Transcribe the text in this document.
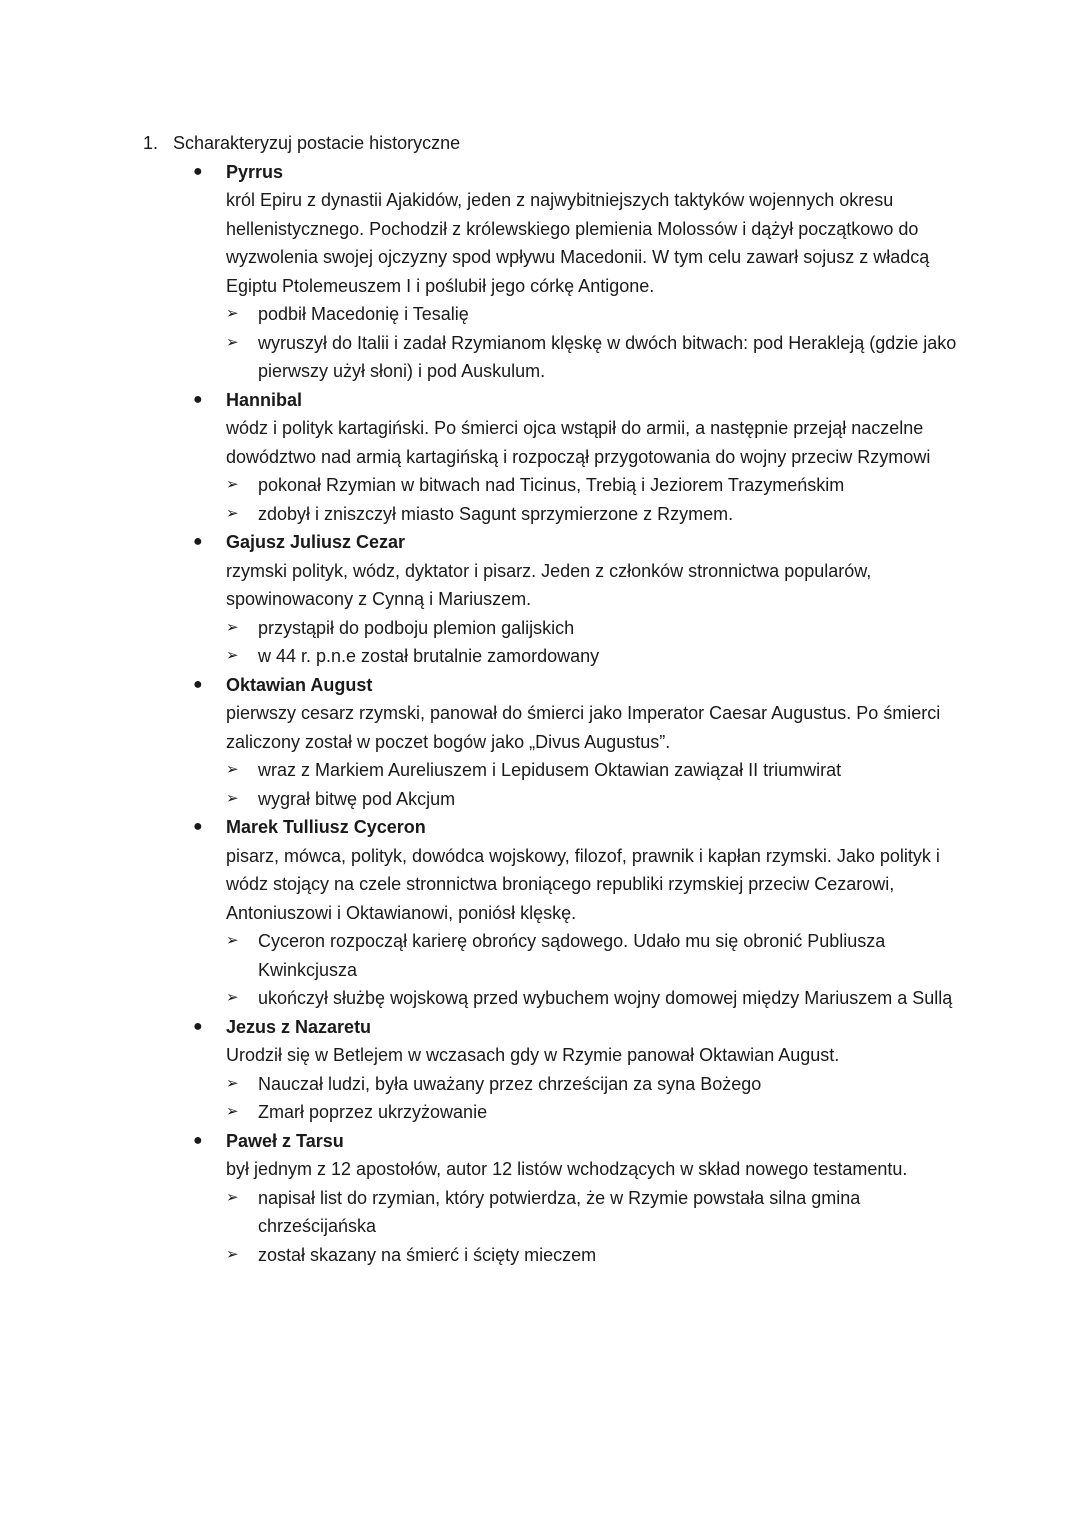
1. Scharakteryzuj postacie historyczne
● Pyrrus
król Epiru z dynastii Ajakidów, jeden z najwybitniejszych taktyków wojennych okresu hellenistycznego. Pochodził z królewskiego plemienia Molossów i dążył początkowo do wyzwolenia swojej ojczyzny spod wpływu Macedonii. W tym celu zawarł sojusz z władcą Egiptu Ptolemeuszem I i poślubił jego córkę Antigone.
➢ podbił Macedonię i Tesalię
➢ wyruszył do Italii i zadał Rzymianom klęskę w dwóch bitwach: pod Herakleją (gdzie jako pierwszy użył słoni) i pod Auskulum.
● Hannibal
wódz i polityk kartagiński. Po śmierci ojca wstąpił do armii, a następnie przejął naczelne dowództwo nad armią kartagińską i rozpoczął przygotowania do wojny przeciw Rzymowi
➢ pokonał Rzymian w bitwach nad Ticinus, Trebią i Jeziorem Trazymeńskim
➢ zdobył i zniszczył miasto Sagunt sprzymierzone z Rzymem.
● Gajusz Juliusz Cezar
rzymski polityk, wódz, dyktator i pisarz. Jeden z członków stronnictwa popularów, spowinowacony z Cynną i Mariuszem.
➢ przystąpił do podboju plemion galijskich
➢ w 44 r. p.n.e został brutalnie zamordowany
● Oktawian August
pierwszy cesarz rzymski, panował do śmierci jako Imperator Caesar Augustus. Po śmierci zaliczony został w poczet bogów jako „Divus Augustus”.
➢ wraz z Markiem Aureliuszem i Lepidusem Oktawian zawiązał II triumwirat
➢ wygrał bitwę pod Akcjum
● Marek Tulliusz Cyceron
pisarz, mówca, polityk, dowódca wojskowy, filozof, prawnik i kapłan rzymski. Jako polityk i wódz stojący na czele stronnictwa broniącego republiki rzymskiej przeciw Cezarowi, Antoniuszowi i Oktawianowi, poniósł klęskę.
➢ Cyceron rozpoczął karierę obrońcy sądowego. Udało mu się obronić Publiusza Kwinkcjusza
➢ ukończył służbę wojskową przed wybuchem wojny domowej między Mariuszem a Sullą
● Jezus z Nazaretu
Urodził się w Betlejem w wczasach gdy w Rzymie panował Oktawian August.
➢ Nauczał ludzi, była uważany przez chrześcijan za syna Bożego
➢ Zmarł poprzez ukrzyżowanie
● Paweł z Tarsu
był jednym z 12 apostołów, autor 12 listów wchodzących w skład nowego testamentu.
➢ napisał list do rzymian, który potwierdza, że w Rzymie powstała silna gmina chrześcijańska
➢ został skazany na śmierć i ścięty mieczem
